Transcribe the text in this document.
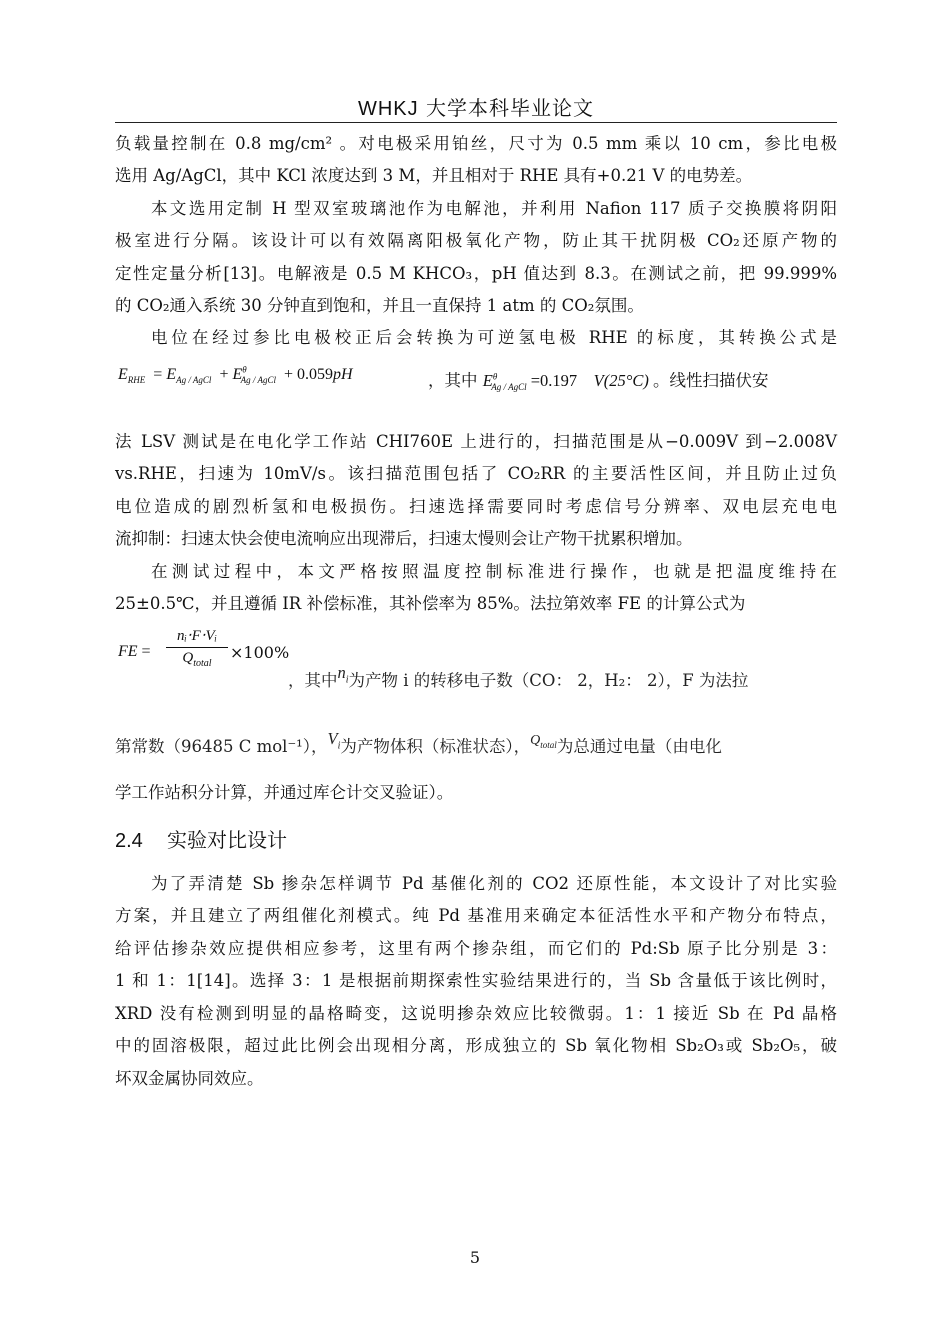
WHKJ 大学本科毕业论文
负载量控制在 0.8 mg/cm² 。对电极采用铂丝，尺寸为 0.5 mm 乘以 10 cm，参比电极
选用 Ag/AgCl，其中 KCl 浓度达到 3 M，并且相对于 RHE 具有+0.21 V 的电势差。
本文选用定制 H 型双室玻璃池作为电解池，并利用 Nafion 117 质子交换膜将阴阳
极室进行分隔。该设计可以有效隔离阳极氧化产物，防止其干扰阴极 CO₂还原产物的
定性定量分析[13]。电解液是 0.5 M KHCO₃，pH 值达到 8.3。在测试之前，把 99.999%
的 CO₂通入系统 30 分钟直到饱和，并且一直保持 1 atm 的 CO₂氛围。
电位在经过参比电极校正后会转换为可逆氢电极 RHE 的标度，其转换公式是
$E_{RHE} = E_{Ag / AgCl} + E^\theta_{Ag / AgCl} + 0.059pH$	，其中 $E^\theta_{Ag / AgCl} =0.197$ V(25°C) 。线性扫描伏安
法 LSV 测试是在电化学工作站 CHI760E 上进行的，扫描范围是从−0.009V 到−2.008V
vs.RHE，扫速为 10mV/s。该扫描范围包括了 CO₂RR 的主要活性区间，并且防止过负
电位造成的剧烈析氢和电极损伤。扫速选择需要同时考虑信号分辨率、双电层充电电
流抑制：扫速太快会使电流响应出现滞后，扫速太慢则会让产物干扰累积增加。
在测试过程中，本文严格按照温度控制标准进行操作，也就是把温度维持在
25±0.5℃，并且遵循 IR 补偿标准，其补偿率为 85%。法拉第效率 FE 的计算公式为
FE =
nᵢ⋅F⋅Vᵢ
$Q_{total}$
×100%
，其中$n_i$为产物 i 的转移电子数（CO： 2，H₂： 2），F 为法拉
第常数（96485 C mol⁻¹），$V_i$为产物体积（标准状态），$^{Q_{total}}$为总通过电量（由电化
学工作站积分计算，并通过库仑计交叉验证）。
2.4 实验对比设计
为了弄清楚 Sb 掺杂怎样调节 Pd 基催化剂的 CO2 还原性能，本文设计了对比实验
方案，并且建立了两组催化剂模式。纯 Pd 基准用来确定本征活性水平和产物分布特点，
给评估掺杂效应提供相应参考，这里有两个掺杂组，而它们的 Pd:Sb 原子比分别是 3：
1 和 1：1[14]。选择 3：1 是根据前期探索性实验结果进行的，当 Sb 含量低于该比例时，
XRD 没有检测到明显的晶格畸变，这说明掺杂效应比较微弱。1：1 接近 Sb 在 Pd 晶格
中的固溶极限，超过此比例会出现相分离，形成独立的 Sb 氧化物相 Sb₂O₃或 Sb₂O₅，破
坏双金属协同效应。
5
